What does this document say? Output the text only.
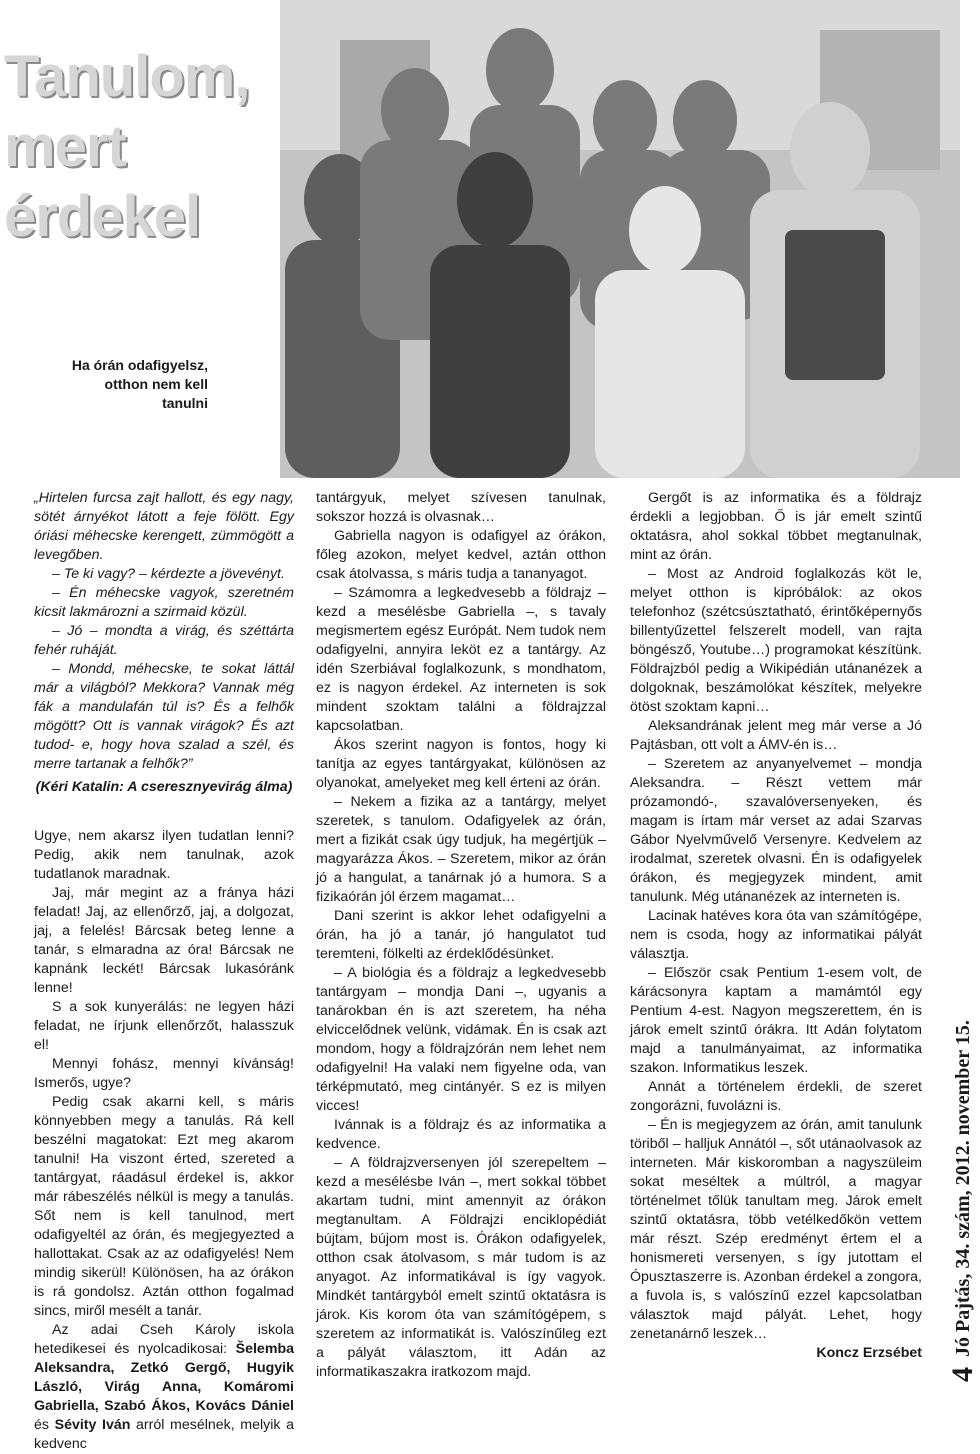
Tanulom,
mert
érdekel
Ha órán odafigyelsz, otthon nem kell tanulni

„Hirtelen furcsa zajt hallott, és egy nagy, sötét árnyékot látott a feje fölött. Egy óriási méhecske kerengett, zümmögött a levegőben.

– Te ki vagy? – kérdezte a jövevényt.

– Én méhecske vagyok, szeretném kicsit lakmározni a szirmaid közül.

– Jó – mondta a virág, és széttárta fehér ruháját.

– Mondd, méhecske, te sokat láttál már a világból? Mekkora? Vannak még fák a mandulafán túl is? És a felhők mögött? Ott is vannak virágok? És azt tudod- e, hogy hova szalad a szél, és merre tartanak a felhők?”

(Kéri Katalin: A cseresznyevirág álma)

Ugye, nem akarsz ilyen tudatlan lenni? Pedig, akik nem tanulnak, azok tudatlanok maradnak.

Jaj, már megint az a fránya házi feladat! Jaj, az ellenőrző, jaj, a dolgozat, jaj, a felelés! Bárcsak beteg lenne a tanár, s elmaradna az óra! Bárcsak ne kapnánk leckét! Bárcsak lukasóránk lenne!

S a sok kunyerálás: ne legyen házi feladat, ne írjunk ellenőrzőt, halasszuk el!

Mennyi fohász, mennyi kívánság! Ismerős, ugye?

Pedig csak akarni kell, s máris könnyebben megy a tanulás. Rá kell beszélni magatokat: Ezt meg akarom tanulni! Ha viszont érted, szereted a tantárgyat, ráadásul érdekel is, akkor már rábeszélés nélkül is megy a tanulás. Sőt nem is kell tanulnod, mert odafigyeltél az órán, és megjegyezted a hallottakat. Csak az az odafigyelés! Nem mindig sikerül! Különösen, ha az órákon is rá gondolsz. Aztán otthon fogalmad sincs, miről mesélt a tanár.

Az adai Cseh Károly iskola hetedikesei és nyolcadikosai: Šelemba Aleksandra, Zetkó Gergő, Hugyik László, Virág Anna, Komáromi Gabriella, Szabó Ákos, Kovács Dániel és Sévity Iván arról mesélnek, melyik a kedvenc

tantárgyuk, melyet szívesen tanulnak, sokszor hozzá is olvasnak…

Gabriella nagyon is odafigyel az órákon, főleg azokon, melyet kedvel, aztán otthon csak átolvassa, s máris tudja a tananyagot.

– Számomra a legkedvesebb a földrajz – kezd a mesélésbe Gabriella –, s tavaly megismertem egész Európát. Nem tudok nem odafigyelni, annyira leköt ez a tantárgy. Az idén Szerbiával foglalkozunk, s mondhatom, ez is nagyon érdekel. Az interneten is sok mindent szoktam találni a földrajzzal kapcsolatban.

Ákos szerint nagyon is fontos, hogy ki tanítja az egyes tantárgyakat, különösen az olyanokat, amelyeket meg kell érteni az órán.

– Nekem a fizika az a tantárgy, melyet szeretek, s tanulom. Odafigyelek az órán, mert a fizikát csak úgy tudjuk, ha megértjük – magyarázza Ákos. – Szeretem, mikor az órán jó a hangulat, a tanárnak jó a humora. S a fizikaórán jól érzem magamat…

Dani szerint is akkor lehet odafigyelni a órán, ha jó a tanár, jó hangulatot tud teremteni, fölkelti az érdeklődésünket.

– A biológia és a földrajz a legkedvesebb tantárgyam – mondja Dani –, ugyanis a tanárokban én is azt szeretem, ha néha elviccelődnek velünk, vidámak. Én is csak azt mondom, hogy a földrajzórán nem lehet nem odafigyelni! Ha valaki nem figyelne oda, van térképmutató, meg cintányér. S ez is milyen vicces!

Ivánnak is a földrajz és az informatika a kedvence.

– A földrajzversenyen jól szerepeltem – kezd a mesélésbe Iván –, mert sokkal többet akartam tudni, mint amennyit az órákon megtanultam. A Földrajzi enciklopédiát bújtam, bújom most is. Órákon odafigyelek, otthon csak átolvasom, s már tudom is az anyagot. Az informatikával is így vagyok. Mindkét tantárgyból emelt szintű oktatásra is járok. Kis korom óta van számítógépem, s szeretem az informatikát is. Valószínűleg ezt a pályát választom, itt Adán az informatikaszakra iratkozom majd.

Gergőt is az informatika és a földrajz érdekli a legjobban. Ő is jár emelt szintű oktatásra, ahol sokkal többet megtanulnak, mint az órán.

– Most az Android foglalkozás köt le, melyet otthon is kipróbálok: az okos telefonhoz (szétcsúsztatható, érintőképernyős billentyűzettel felszerelt modell, van rajta böngésző, Youtube…) programokat készítünk. Földrajzból pedig a Wikipédián utánanézek a dolgoknak, beszámolókat készítek, melyekre ötöst szoktam kapni…

Aleksandrának jelent meg már verse a Jó Pajtásban, ott volt a ÁMV-én is…

– Szeretem az anyanyelvemet – mondja Aleksandra. – Részt vettem már prózamondó-, szavalóversenyeken, és magam is írtam már verset az adai Szarvas Gábor Nyelvművelő Versenyre. Kedvelem az irodalmat, szeretek olvasni. Én is odafigyelek órákon, és megjegyzek mindent, amit tanulunk. Még utánanézek az interneten is.

Lacinak hatéves kora óta van számítógépe, nem is csoda, hogy az informatikai pályát választja.

– Először csak Pentium 1-esem volt, de kárácsonyra kaptam a mamámtól egy Pentium 4-est. Nagyon megszerettem, én is járok emelt szintű órákra. Itt Adán folytatom majd a tanulmányaimat, az informatika szakon. Informatikus leszek.

Annát a történelem érdekli, de szeret zongorázni, fuvolázni is.

– Én is megjegyzem az órán, amit tanulunk töriből – halljuk Annától –, sőt utánaolvasok az interneten. Már kiskoromban a nagyszüleim sokat meséltek a múltról, a magyar történelmet tőlük tanultam meg. Járok emelt szintű oktatásra, több vetélkedőkön vettem már részt. Szép eredményt értem el a honismereti versenyen, s így jutottam el Ópusztaszerre is. Azonban érdekel a zongora, a fuvola is, s valószínű ezzel kapcsolatban választok majd pályát. Lehet, hogy zenetanárnő leszek…

Koncz Erzsébet

4 Jó Pajtás, 34. szám, 2012. november 15.
